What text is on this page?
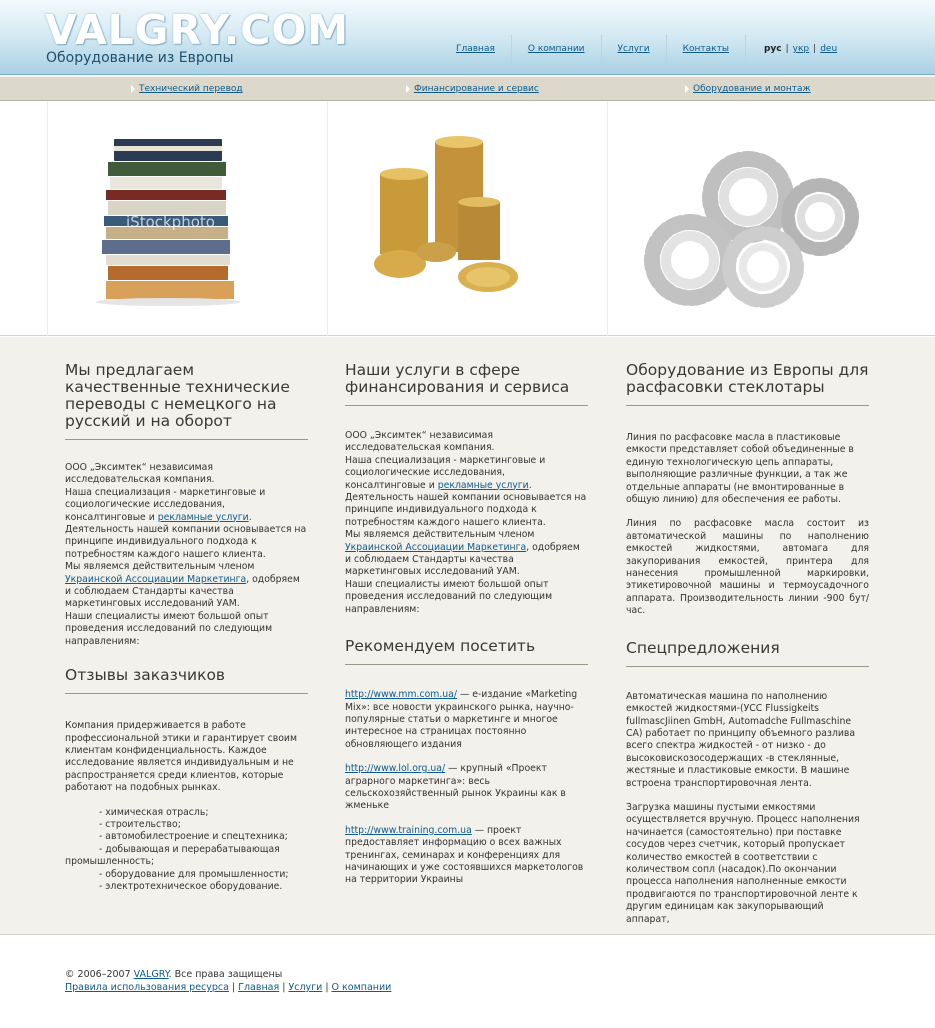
VALGRY.COM
Оборудование из Европы
Главная	О компании	Услуги	Контакты	рус | укр | deu
Технический перевод	Финансирование и сервис	Оборудование и монтаж
iStockphoto
Мы предлагаем качественные технические переводы с немецкого на русский и на оборот

ООО „Эксимтек“ независимая исследовательская компания.
Наша специализация - маркетинговые и социологические исследования, консалтинговые и рекламные услуги. Деятельность нашей компании основывается на принципе индивидуального подхода к потребностям каждого нашего клиента.
Мы являемся действительным членом Украинской Ассоциации Маркетинга, одобряем и соблюдаем Стандарты качества маркетинговых исследований УАМ.
Наши специалисты имеют большой опыт проведения исследований по следующим направлениям:

Отзывы заказчиков

Компания придерживается в работе профессиональной этики и гарантирует своим клиентам конфиденциальность. Каждое исследование является индивидуальным и не распространяется среди клиентов, которые работают на подобных рынках.

- химическая отрасль;
- строительство;
- автомобилестроение и спецтехника;
- добывающая и перерабатывающая промышленность;
- оборудование для промышленности;
- электротехническое оборудование.
Наши услуги в сфере финансирования и сервиса

ООО „Эксимтек“ независимая исследовательская компания.
Наша специализация - маркетинговые и социологические исследования, консалтинговые и рекламные услуги. Деятельность нашей компании основывается на принципе индивидуального подхода к потребностям каждого нашего клиента.
Мы являемся действительным членом Украинской Ассоциации Маркетинга, одобряем и соблюдаем Стандарты качества маркетинговых исследований УАМ.
Наши специалисты имеют большой опыт проведения исследований по следующим направлениям:

Рекомендуем посетить

http://www.mm.com.ua/ — е-издание «Marketing Mix»: все новости украинского рынка, научно-популярные статьи о маркетинге и многое интересное на страницах постоянно обновляющего издания

http://www.lol.org.ua/ — крупный «Проект аграрного маркетинга»: весь сельскохозяйственный рынок Украины как в жменьке

http://www.training.com.ua — проект предоставляет информацию о всех важных тренингах, семинарах и конференциях для начинающих и уже состоявшихся маркетологов на территории Украины

Оборудование из Европы для расфасовки стеклотары

Линия по расфасовке масла в пластиковые емкости представляет собой объединенные в единую технологическую цепь аппараты, выполняющие различные функции, а так же отдельные аппараты (не вмонтированные в общую линию) для обеспечения ее работы.

Линия по расфасовке масла состоит из автоматической машины по наполнению емкостей жидкостями, автомага для закупоривания емкостей, принтера для нанесения промышленной маркировки, этикетировочной машины и термоусадочного аппарата. Производительность линии -900 бут/час.

Спецпредложения

Автоматическая машина по наполнению емкостей жидкостями-(УСС Flussigkeits fullmascJiinen GmbH, Automadche Fullmaschine CA) работает по принципу объемного разлива всего спектра жидкостей - от низко - до высоковискозосодержащих -в стеклянные, жестяные и пластиковые емкости. В машине встроена транспортировочная лента.

Загрузка машины пустыми емкостями осуществляется вручную. Процесс наполнения начинается (самостоятельно) при поставке сосудов через счетчик, который пропускает количество емкостей в соответствии с количеством сопл (насадок).По окончании процесса наполнения наполненные емкости продвигаются по транспортировочной ленте к другим единицам как закупорывающий аппарат,

© 2006–2007 VALGRY. Все права защищены
Правила использования ресурса | Главная | Услуги | О компании
